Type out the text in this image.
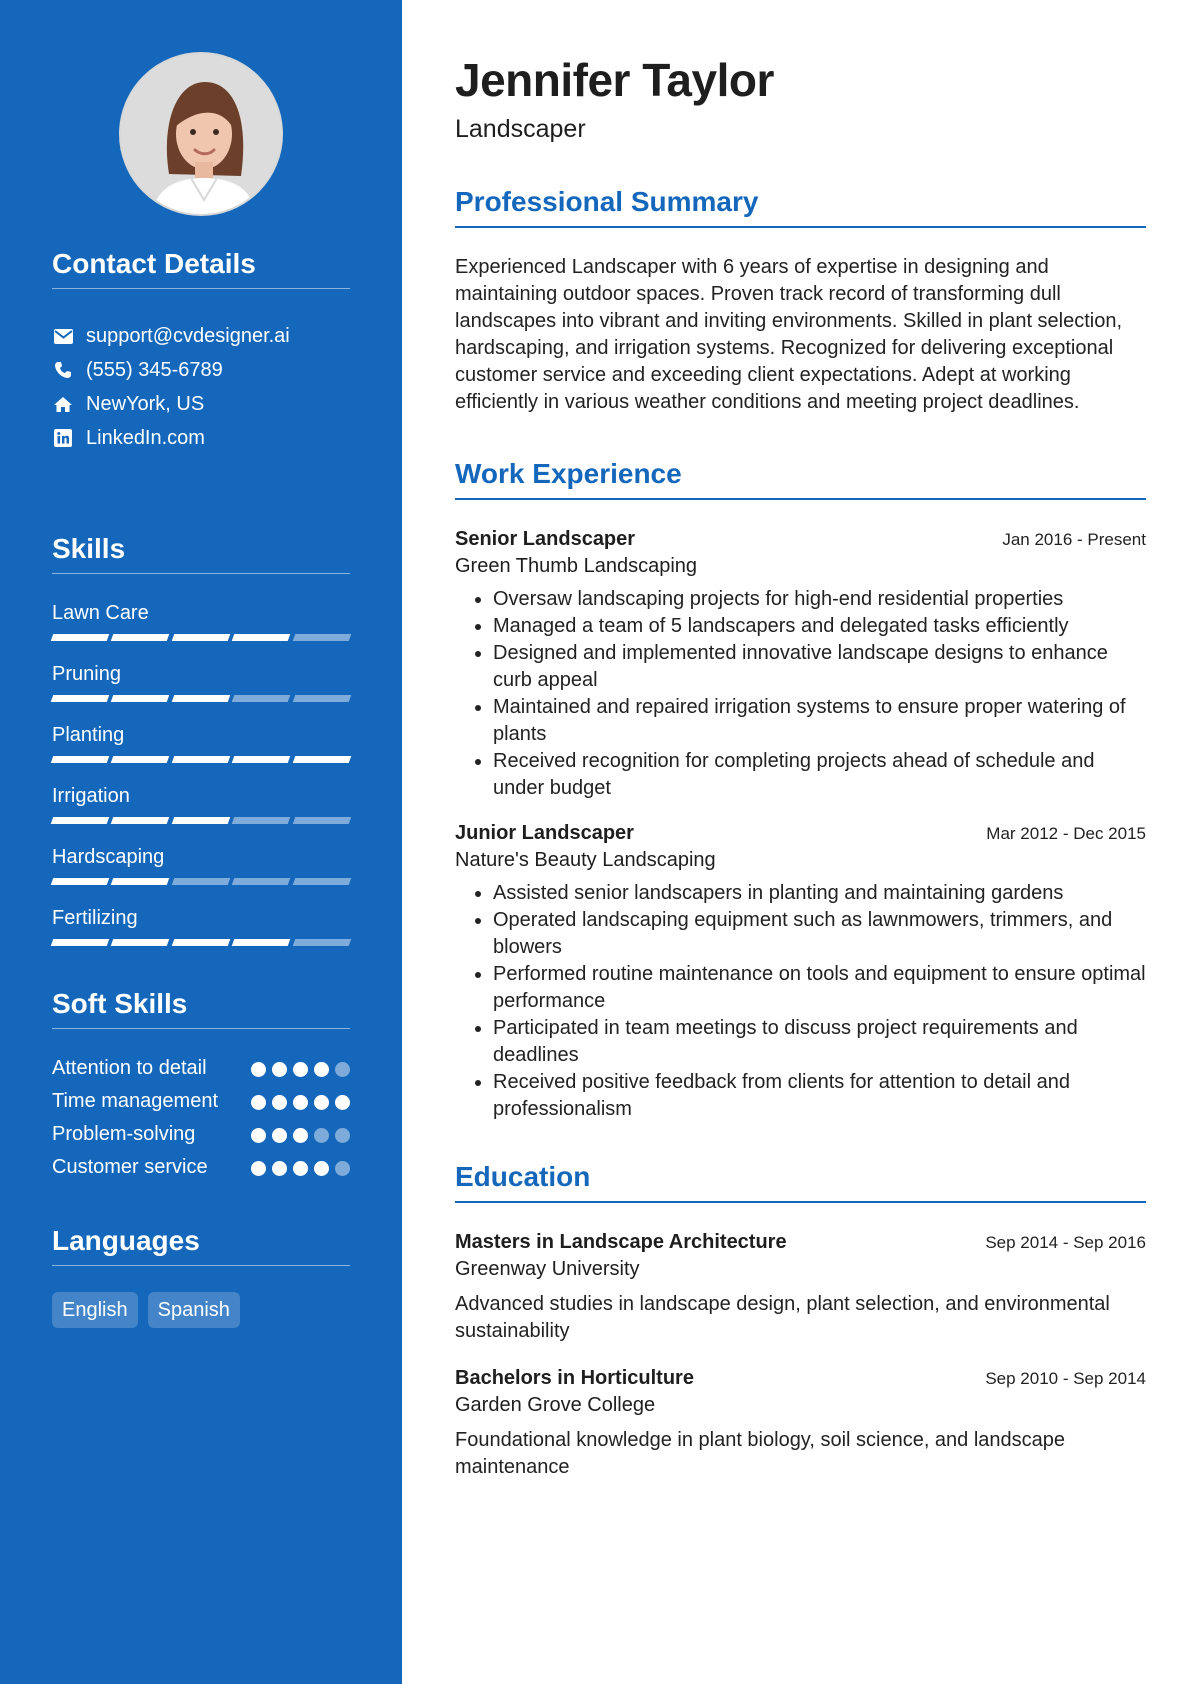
Contact Details
support@cvdesigner.ai
(555) 345-6789
NewYork, US
LinkedIn.com
Skills
Lawn Care
Pruning
Planting
Irrigation
Hardscaping
Fertilizing
Soft Skills
Attention to detail
Time management
Problem-solving
Customer service
Languages
English	Spanish
Jennifer Taylor
Landscaper
Professional Summary
Experienced Landscaper with 6 years of expertise in designing and maintaining outdoor spaces. Proven track record of transforming dull landscapes into vibrant and inviting environments. Skilled in plant selection, hardscaping, and irrigation systems. Recognized for delivering exceptional customer service and exceeding client expectations. Adept at working efficiently in various weather conditions and meeting project deadlines.
Work Experience
Senior Landscaper	Jan 2016 - Present
Green Thumb Landscaping
• Oversaw landscaping projects for high-end residential properties
• Managed a team of 5 landscapers and delegated tasks efficiently
• Designed and implemented innovative landscape designs to enhance curb appeal
• Maintained and repaired irrigation systems to ensure proper watering of plants
• Received recognition for completing projects ahead of schedule and under budget
Junior Landscaper	Mar 2012 - Dec 2015
Nature's Beauty Landscaping
• Assisted senior landscapers in planting and maintaining gardens
• Operated landscaping equipment such as lawnmowers, trimmers, and blowers
• Performed routine maintenance on tools and equipment to ensure optimal performance
• Participated in team meetings to discuss project requirements and deadlines
• Received positive feedback from clients for attention to detail and professionalism
Education
Masters in Landscape Architecture	Sep 2014 - Sep 2016
Greenway University
Advanced studies in landscape design, plant selection, and environmental sustainability
Bachelors in Horticulture	Sep 2010 - Sep 2014
Garden Grove College
Foundational knowledge in plant biology, soil science, and landscape maintenance
